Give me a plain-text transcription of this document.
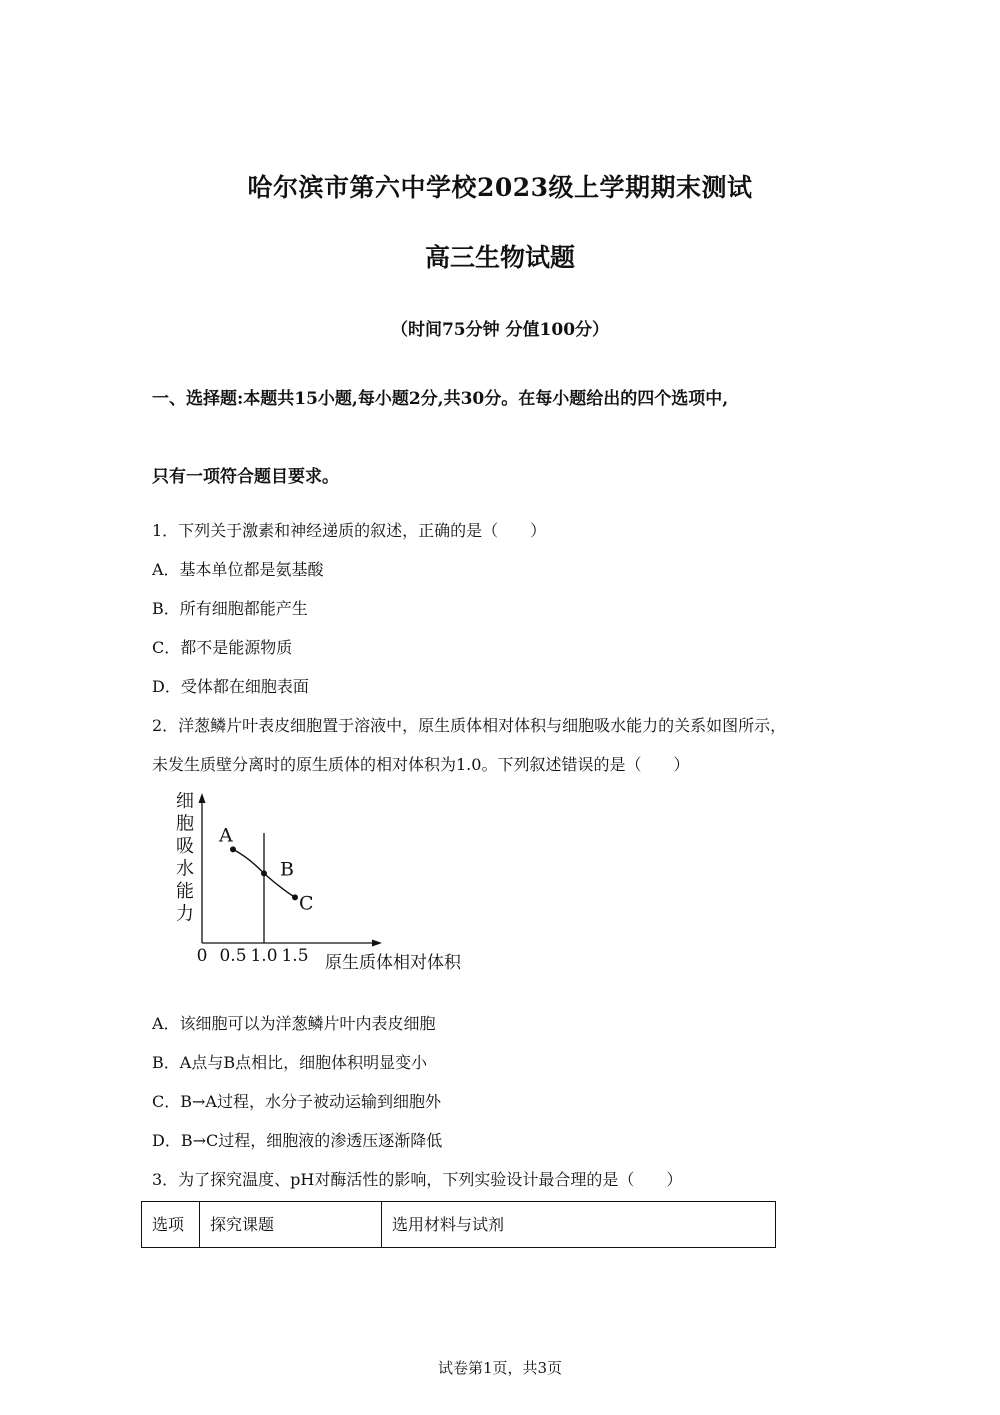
哈尔滨市第六中学校2023级上学期期末测试
高三生物试题
（时间75分钟 分值100分）
一、选择题:本题共15小题,每小题2分,共30分。在每小题给出的四个选项中,
只有一项符合题目要求。
1．下列关于激素和神经递质的叙述，正确的是（　　）
A．基本单位都是氨基酸
B．所有细胞都能产生
C．都不是能源物质
D．受体都在细胞表面
2．洋葱鳞片叶表皮细胞置于溶液中，原生质体相对体积与细胞吸水能力的关系如图所示，
未发生质壁分离时的原生质体的相对体积为1.0。下列叙述错误的是（　　）
细
胞
吸
水
能
力
A
B
C
0 0.5 1.0 1.5 原生质体相对体积
A．该细胞可以为洋葱鳞片叶内表皮细胞
B．A点与B点相比，细胞体积明显变小
C．B→A过程，水分子被动运输到细胞外
D．B→C过程，细胞液的渗透压逐渐降低
3．为了探究温度、pH对酶活性的影响，下列实验设计最合理的是（　　）
选项	探究课题	选用材料与试剂
试卷第1页，共3页
